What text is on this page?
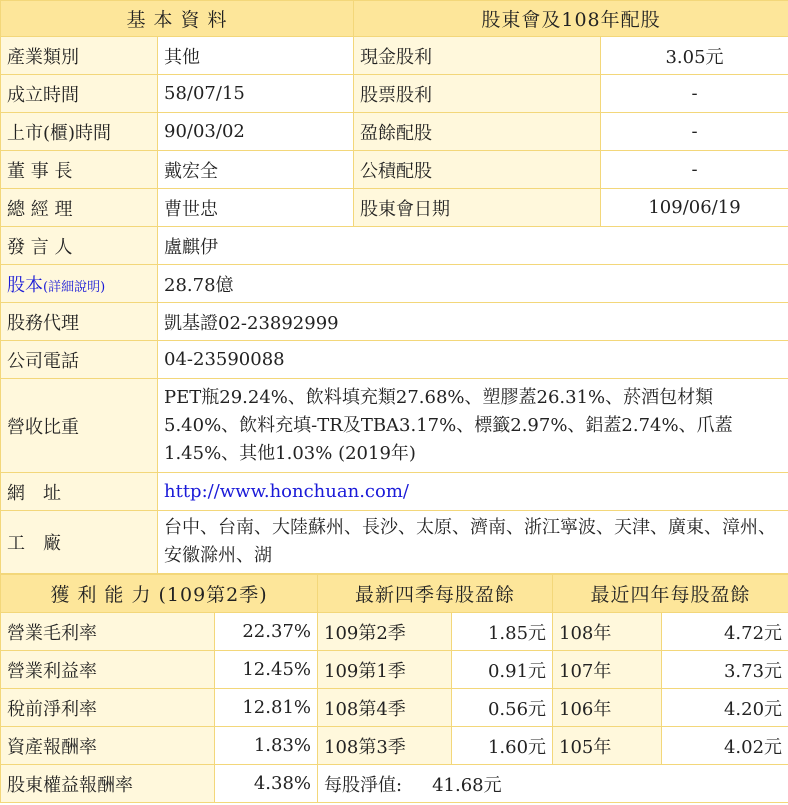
基 本 資 料		股東會及108年配股	
產業類別	其他	現金股利	3.05元
成立時間	58/07/15	股票股利	-
上市(櫃)時間	90/03/02	盈餘配股	-
董 事 長	戴宏全	公積配股	-
總 經 理	曹世忠	股東會日期	109/06/19
發 言 人	盧麒伊		
股本(詳細說明)	28.78億		
股務代理	凱基證02-23892999		
公司電話	04-23590088		
營收比重	PET瓶29.24%、飲料填充類27.68%、塑膠蓋26.31%、菸酒包材類5.40%、飲料充填-TR及TBA3.17%、標籤2.97%、鋁蓋2.74%、爪蓋1.45%、其他1.03% (2019年)		
網　址	http://www.honchuan.com/		
工　廠	台中、台南、大陸蘇州、長沙、太原、濟南、浙江寧波、天津、廣東、漳州、安徽滁州、湖		
獲 利 能 力 (109第2季)		最新四季每股盈餘		最近四年每股盈餘	
營業毛利率	22.37%	109第2季	1.85元	108年	4.72元
營業利益率	12.45%	109第1季	0.91元	107年	3.73元
稅前淨利率	12.81%	108第4季	0.56元	106年	4.20元
資產報酬率	1.83%	108第3季	1.60元	105年	4.02元
股東權益報酬率	4.38%	每股淨值: 41.68元			
